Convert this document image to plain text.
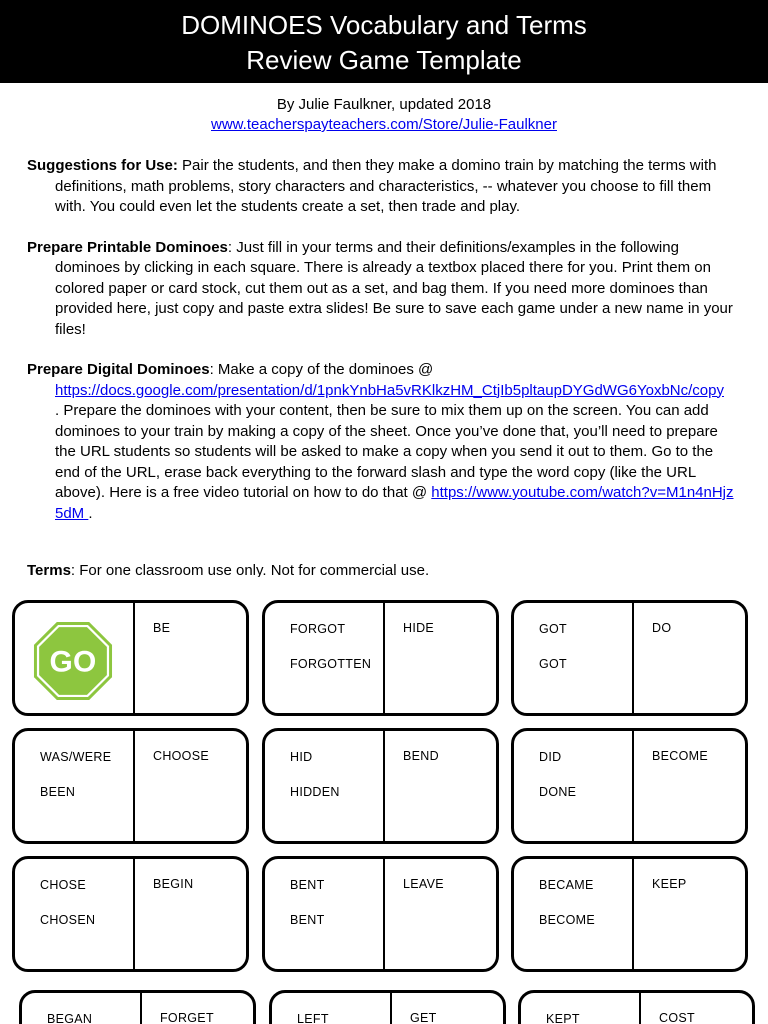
DOMINOES Vocabulary and Terms
Review Game Template
By Julie Faulkner, updated 2018
www.teacherspayteachers.com/Store/Julie-Faulkner
Suggestions for Use: Pair the students, and then they make a domino train by matching the terms with
definitions, math problems, story characters and characteristics, -- whatever you choose to fill them with. You could even let the students create a set, then trade and play.
Prepare Printable Dominoes: Just fill in your terms and their definitions/examples in the following
dominoes by clicking in each square. There is already a textbox placed there for you. Print them on colored paper or card stock, cut them out as a set, and bag them. If you need more dominoes than provided here, just copy and paste extra slides! Be sure to save each game under a new name in your files!
Prepare Digital Dominoes: Make a copy of the dominoes @
https://docs.google.com/presentation/d/1pnkYnbHa5vRKlkzHM_CtjIb5pltaupDYGdWG6YoxbNc/copy
. Prepare the dominoes with your content, then be sure to mix them up on the screen. You can add dominoes to your train by making a copy of the sheet. Once you’ve done that, you’ll need to prepare the URL students so students will be asked to make a copy when you send it out to them. Go to the end of the URL, erase back everything to the forward slash and type the word copy (like the URL above). Here is a free video tutorial on how to do that @ https://www.youtube.com/watch?v=M1n4nHjz5dM .
Terms: For one classroom use only. Not for commercial use.
GO
BE	FORGOT
FORGOTTEN
HIDE	GOT
GOT
DO
WAS/WERE
BEEN
CHOOSE	HID
HIDDEN
BEND	DID
DONE
BECOME
CHOSE
CHOSEN
BEGIN	BENT
BENT
LEAVE	BECAME
BECOME
KEEP
BEGAN	FORGET	LEFT	GET	KEPT	COST
